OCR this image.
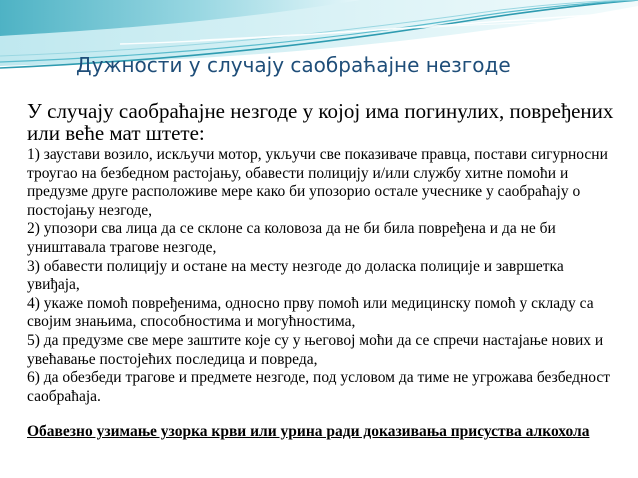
Дужности у случају саобраћајне незгоде

У случају саобраћајне незгоде у којој има погинулих, повређених или веће мат штете:

1) заустави возило, искључи мотор, укључи све показиваче правца, постави сигурносни троугао на безбедном растојању, обавести полицију и/или службу хитне помоћи и предузме друге расположиве мере како би упозорио остале учеснике у саобраћају о постојању незгоде,

2) упозори сва лица да се склоне са коловоза да не би била повређена и да не би уништавала трагове незгоде,

3) обавести полицију и остане на месту незгоде до доласка полиције и завршетка увиђаја,

4) укаже помоћ повређенима, односно прву помоћ или медицинску помоћ у складу са својим знањима, способностима и могућностима,

5) да предузме све мере заштите које су у његовој моћи да се спречи настајање нових и увећавање постојећих последица и повреда,

6) да обезбеди трагове и предмете незгоде, под условом да тиме не угрожава безбедност саобраћаја.

Обавезно узимање узорка крви или урина ради доказивања присуства алкохола
